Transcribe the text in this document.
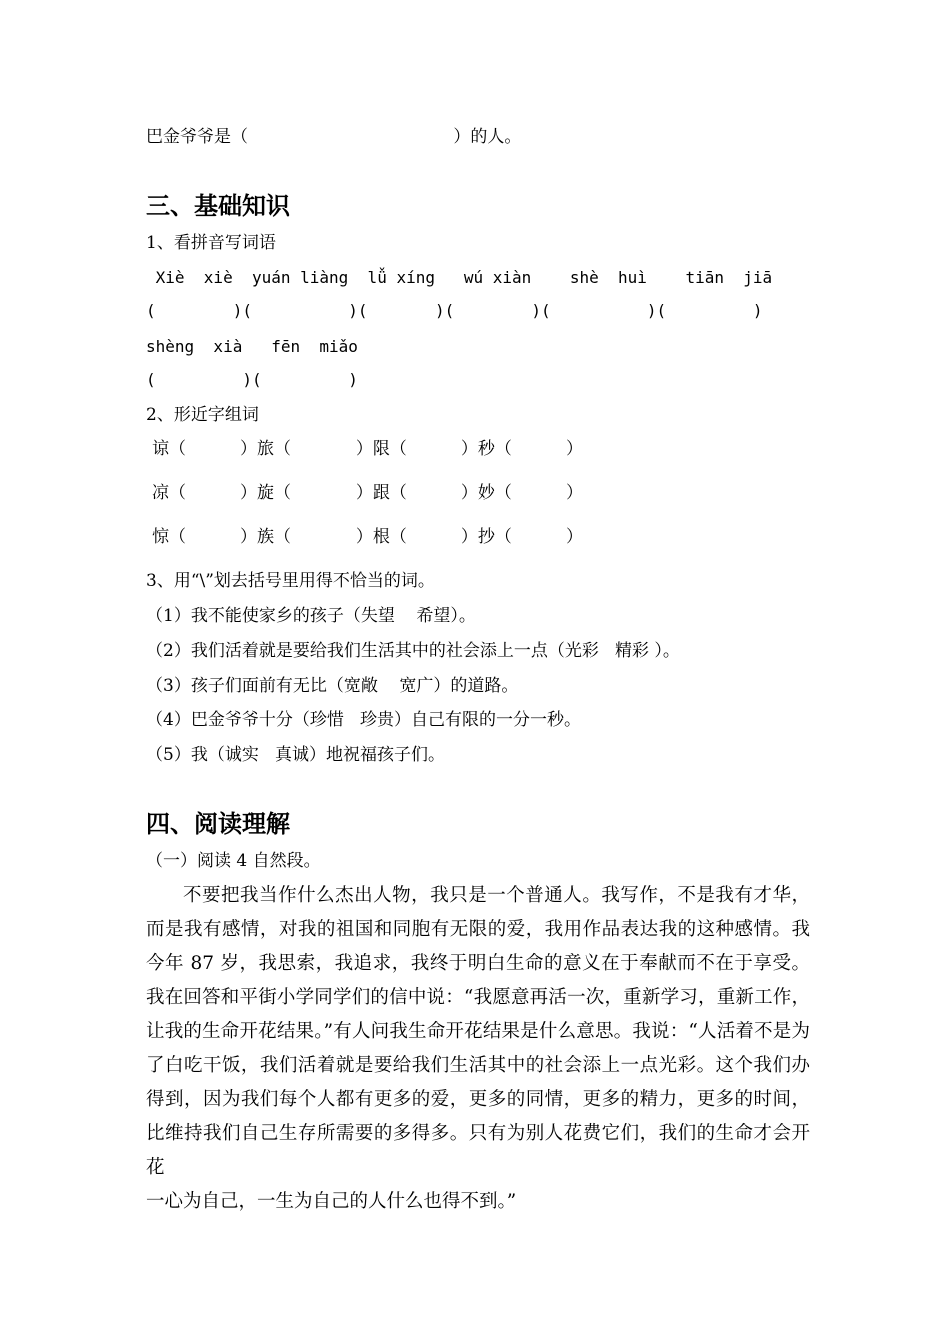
巴金爷爷是（                                      ）的人。
三、基础知识
1、看拼音写词语
Xiè  xiè  yuán liàng  lǚ xíng   wú xiàn    shè  huì    tiān  jiā
(        )(          )(       )(        )(          )(         )
shèng  xià   fēn  miǎo
(         )(         )
2、形近字组词
谅（          ）旅（            ）限（          ）秒（          ）
凉（          ）旋（            ）跟（          ）妙（          ）
惊（          ）族（            ）根（          ）抄（          ）
3、用“\”划去括号里用得不恰当的词。
（1）我不能使家乡的孩子（失望    希望）。
（2）我们活着就是要给我们生活其中的社会添上一点（光彩   精彩 ）。
（3）孩子们面前有无比（宽敞    宽广）的道路。
（4）巴金爷爷十分（珍惜   珍贵）自己有限的一分一秒。
（5）我（诚实   真诚）地祝福孩子们。
四、阅读理解
（一）阅读 4 自然段。
不要把我当作什么杰出人物，我只是一个普通人。我写作，不是我有才华，而是我有感情，对我的祖国和同胞有无限的爱，我用作品表达我的这种感情。我今年 87 岁，我思索，我追求，我终于明白生命的意义在于奉献而不在于享受。我在回答和平街小学同学们的信中说：“我愿意再活一次，重新学习，重新工作，让我的生命开花结果。”有人问我生命开花结果是什么意思。我说：“人活着不是为了白吃干饭，我们活着就是要给我们生活其中的社会添上一点光彩。这个我们办得到，因为我们每个人都有更多的爱，更多的同情，更多的精力，更多的时间，比维持我们自己生存所需要的多得多。只有为别人花费它们，我们的生命才会开花
一心为自己，一生为自己的人什么也得不到。”
